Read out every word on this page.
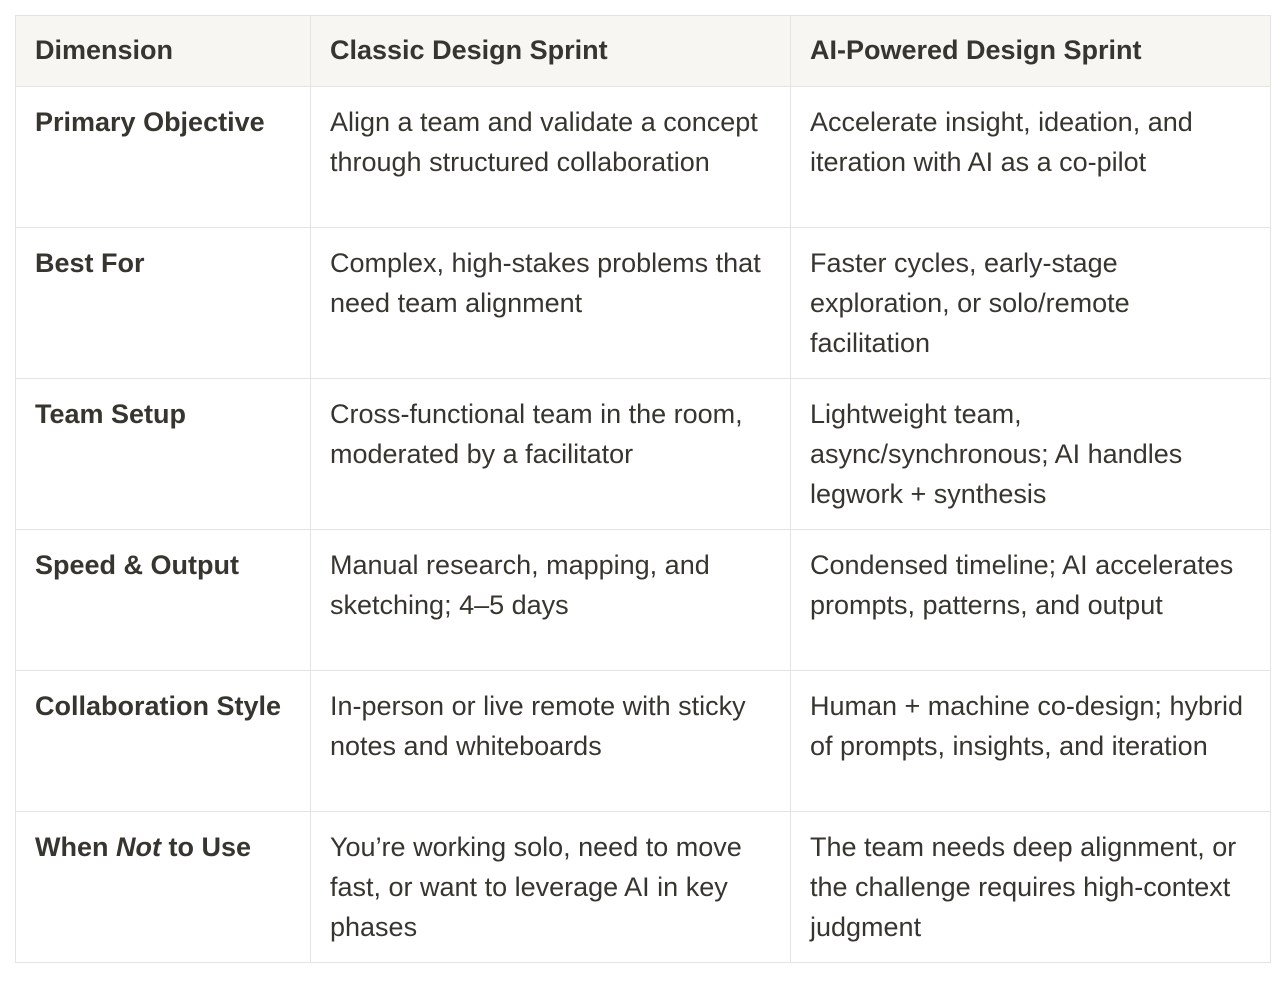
Dimension	Classic Design Sprint	AI-Powered Design Sprint
Primary Objective	Align a team and validate a concept through structured collaboration	Accelerate insight, ideation, and iteration with AI as a co-pilot
Best For	Complex, high-stakes problems that need team alignment	Faster cycles, early-stage exploration, or solo/remote facilitation
Team Setup	Cross-functional team in the room, moderated by a facilitator	Lightweight team, async/synchronous; AI handles legwork + synthesis
Speed & Output	Manual research, mapping, and sketching; 4–5 days	Condensed timeline; AI accelerates prompts, patterns, and output
Collaboration Style	In-person or live remote with sticky notes and whiteboards	Human + machine co-design; hybrid of prompts, insights, and iteration
When Not to Use	You’re working solo, need to move fast, or want to leverage AI in key phases	The team needs deep alignment, or the challenge requires high-context judgment
